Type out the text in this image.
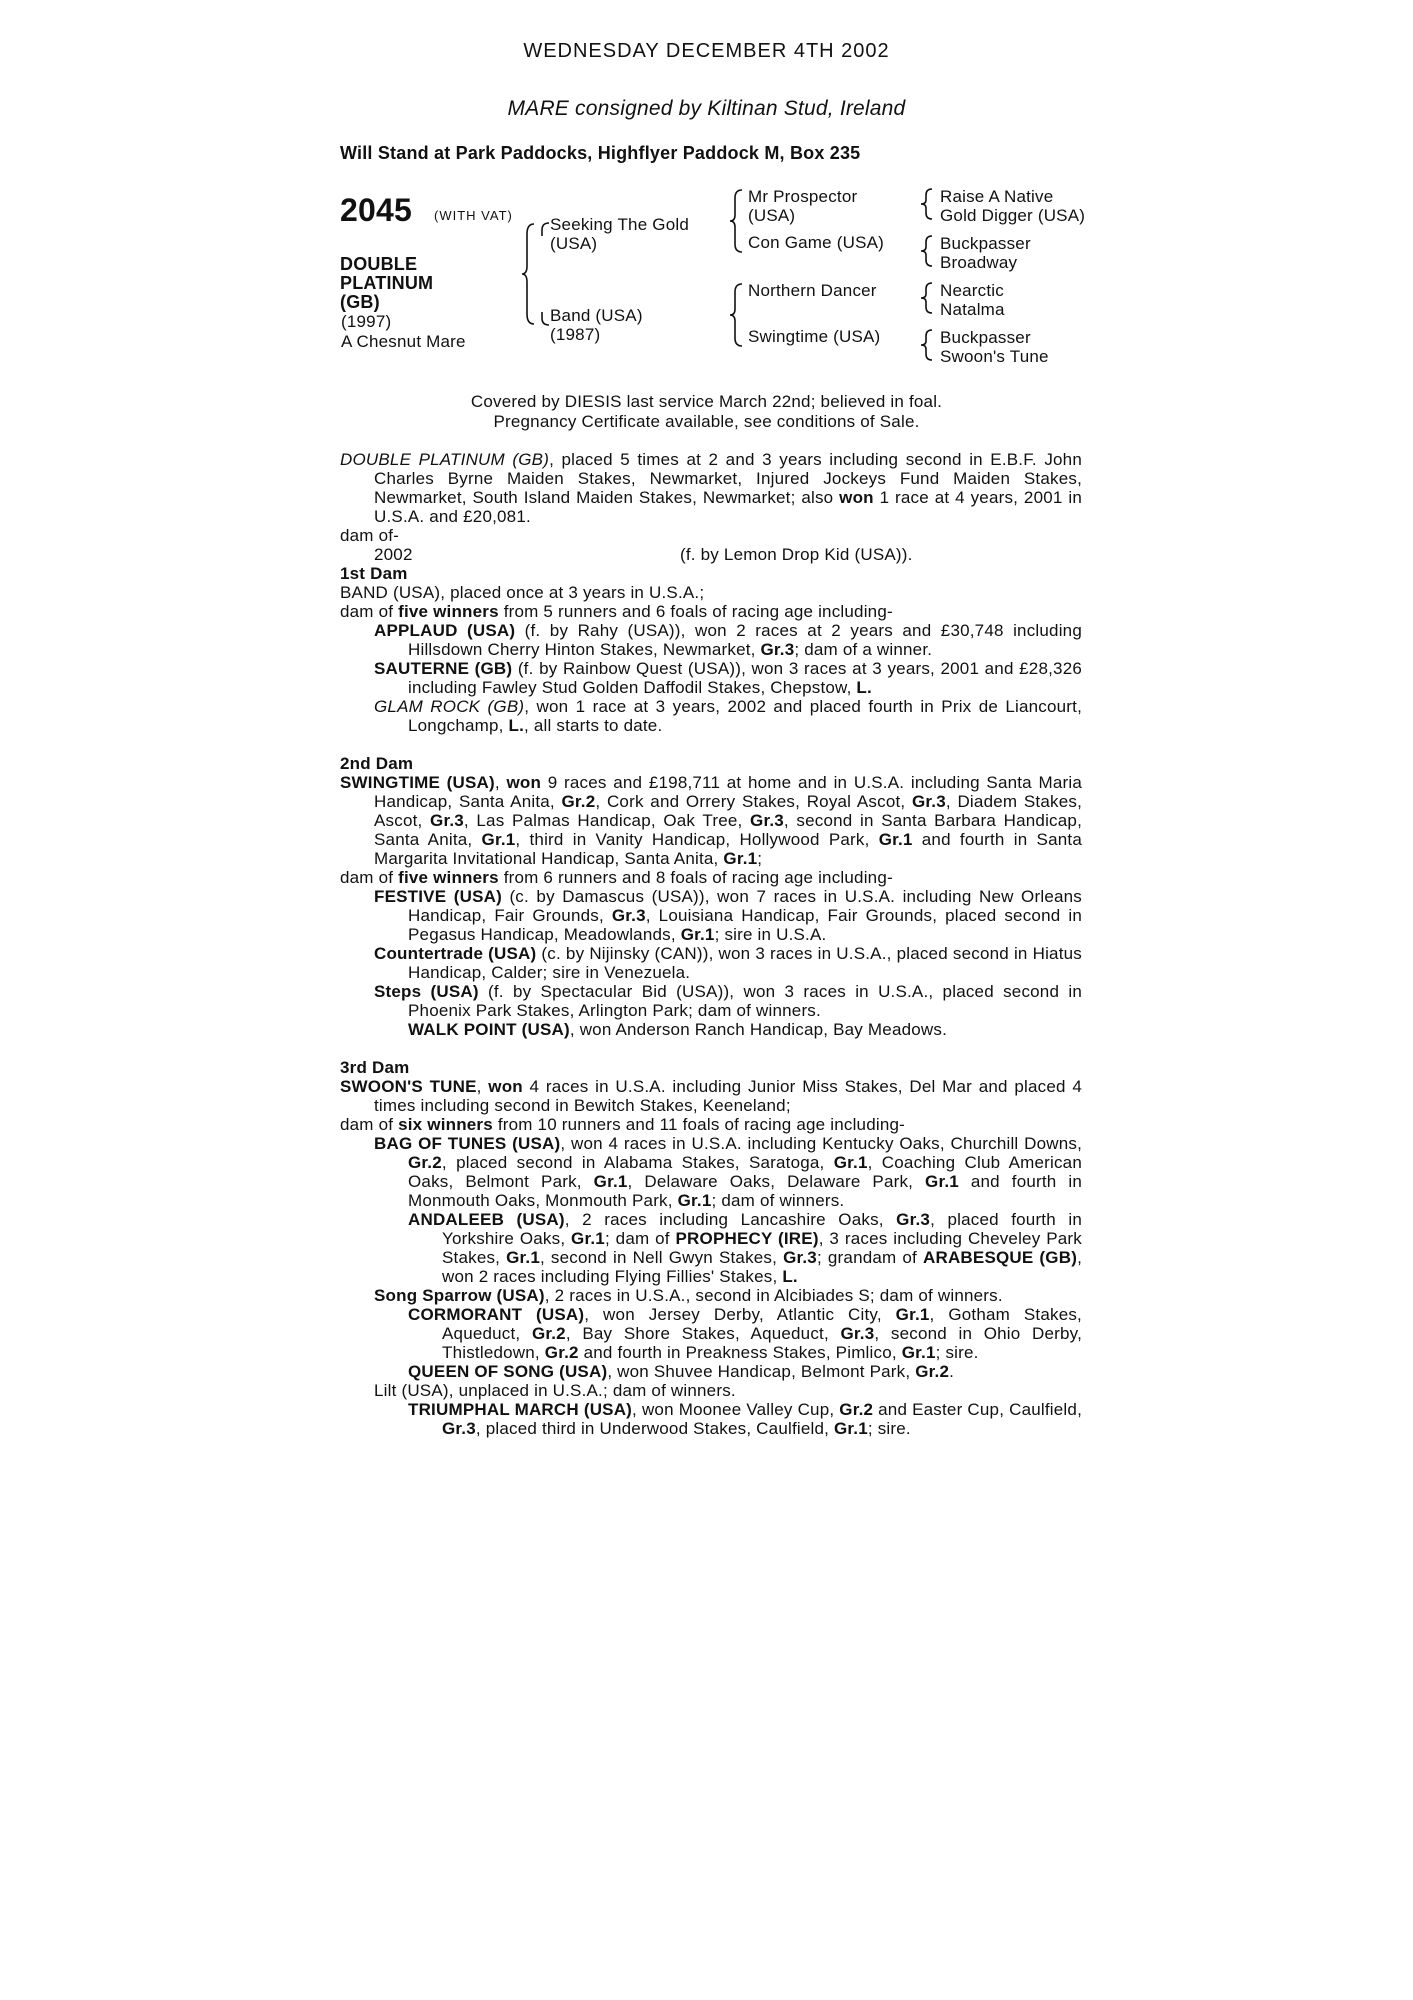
WEDNESDAY DECEMBER 4TH 2002
MARE consigned by Kiltinan Stud, Ireland
Will Stand at Park Paddocks, Highflyer Paddock M, Box 235
2045 (WITH VAT)
DOUBLE
PLATINUM
(GB)
(1997)
A Chesnut Mare
Seeking The Gold
(USA)
Band (USA)
(1987)
Mr Prospector
(USA)
Con Game (USA)
Northern Dancer
Swingtime (USA)
Raise A Native
Gold Digger (USA)
Buckpasser
Broadway
Nearctic
Natalma
Buckpasser
Swoon's Tune
Covered by DIESIS last service March 22nd; believed in foal.
Pregnancy Certificate available, see conditions of Sale.

DOUBLE PLATINUM (GB), placed 5 times at 2 and 3 years including second in E.B.F. John Charles Byrne Maiden Stakes, Newmarket, Injured Jockeys Fund Maiden Stakes, Newmarket, South Island Maiden Stakes, Newmarket; also won 1 race at 4 years, 2001 in U.S.A. and £20,081.

dam of-

2002	(f. by Lemon Drop Kid (USA)).

1st Dam

BAND (USA), placed once at 3 years in U.S.A.;

dam of five winners from 5 runners and 6 foals of racing age including-

APPLAUD (USA) (f. by Rahy (USA)), won 2 races at 2 years and £30,748 including Hillsdown Cherry Hinton Stakes, Newmarket, Gr.3; dam of a winner.

SAUTERNE (GB) (f. by Rainbow Quest (USA)), won 3 races at 3 years, 2001 and £28,326 including Fawley Stud Golden Daffodil Stakes, Chepstow, L.

GLAM ROCK (GB), won 1 race at 3 years, 2002 and placed fourth in Prix de Liancourt, Longchamp, L., all starts to date.

2nd Dam

SWINGTIME (USA), won 9 races and £198,711 at home and in U.S.A. including Santa Maria Handicap, Santa Anita, Gr.2, Cork and Orrery Stakes, Royal Ascot, Gr.3, Diadem Stakes, Ascot, Gr.3, Las Palmas Handicap, Oak Tree, Gr.3, second in Santa Barbara Handicap, Santa Anita, Gr.1, third in Vanity Handicap, Hollywood Park, Gr.1 and fourth in Santa Margarita Invitational Handicap, Santa Anita, Gr.1;

dam of five winners from 6 runners and 8 foals of racing age including-

FESTIVE (USA) (c. by Damascus (USA)), won 7 races in U.S.A. including New Orleans Handicap, Fair Grounds, Gr.3, Louisiana Handicap, Fair Grounds, placed second in Pegasus Handicap, Meadowlands, Gr.1; sire in U.S.A.

Countertrade (USA) (c. by Nijinsky (CAN)), won 3 races in U.S.A., placed second in Hiatus Handicap, Calder; sire in Venezuela.

Steps (USA) (f. by Spectacular Bid (USA)), won 3 races in U.S.A., placed second in Phoenix Park Stakes, Arlington Park; dam of winners.

WALK POINT (USA), won Anderson Ranch Handicap, Bay Meadows.

3rd Dam

SWOON'S TUNE, won 4 races in U.S.A. including Junior Miss Stakes, Del Mar and placed 4 times including second in Bewitch Stakes, Keeneland;

dam of six winners from 10 runners and 11 foals of racing age including-

BAG OF TUNES (USA), won 4 races in U.S.A. including Kentucky Oaks, Churchill Downs, Gr.2, placed second in Alabama Stakes, Saratoga, Gr.1, Coaching Club American Oaks, Belmont Park, Gr.1, Delaware Oaks, Delaware Park, Gr.1 and fourth in Monmouth Oaks, Monmouth Park, Gr.1; dam of winners.

ANDALEEB (USA), 2 races including Lancashire Oaks, Gr.3, placed fourth in Yorkshire Oaks, Gr.1; dam of PROPHECY (IRE), 3 races including Cheveley Park Stakes, Gr.1, second in Nell Gwyn Stakes, Gr.3; grandam of ARABESQUE (GB), won 2 races including Flying Fillies' Stakes, L.

Song Sparrow (USA), 2 races in U.S.A., second in Alcibiades S; dam of winners.

CORMORANT (USA), won Jersey Derby, Atlantic City, Gr.1, Gotham Stakes, Aqueduct, Gr.2, Bay Shore Stakes, Aqueduct, Gr.3, second in Ohio Derby, Thistledown, Gr.2 and fourth in Preakness Stakes, Pimlico, Gr.1; sire.

QUEEN OF SONG (USA), won Shuvee Handicap, Belmont Park, Gr.2.

Lilt (USA), unplaced in U.S.A.; dam of winners.

TRIUMPHAL MARCH (USA), won Moonee Valley Cup, Gr.2 and Easter Cup, Caulfield, Gr.3, placed third in Underwood Stakes, Caulfield, Gr.1; sire.
